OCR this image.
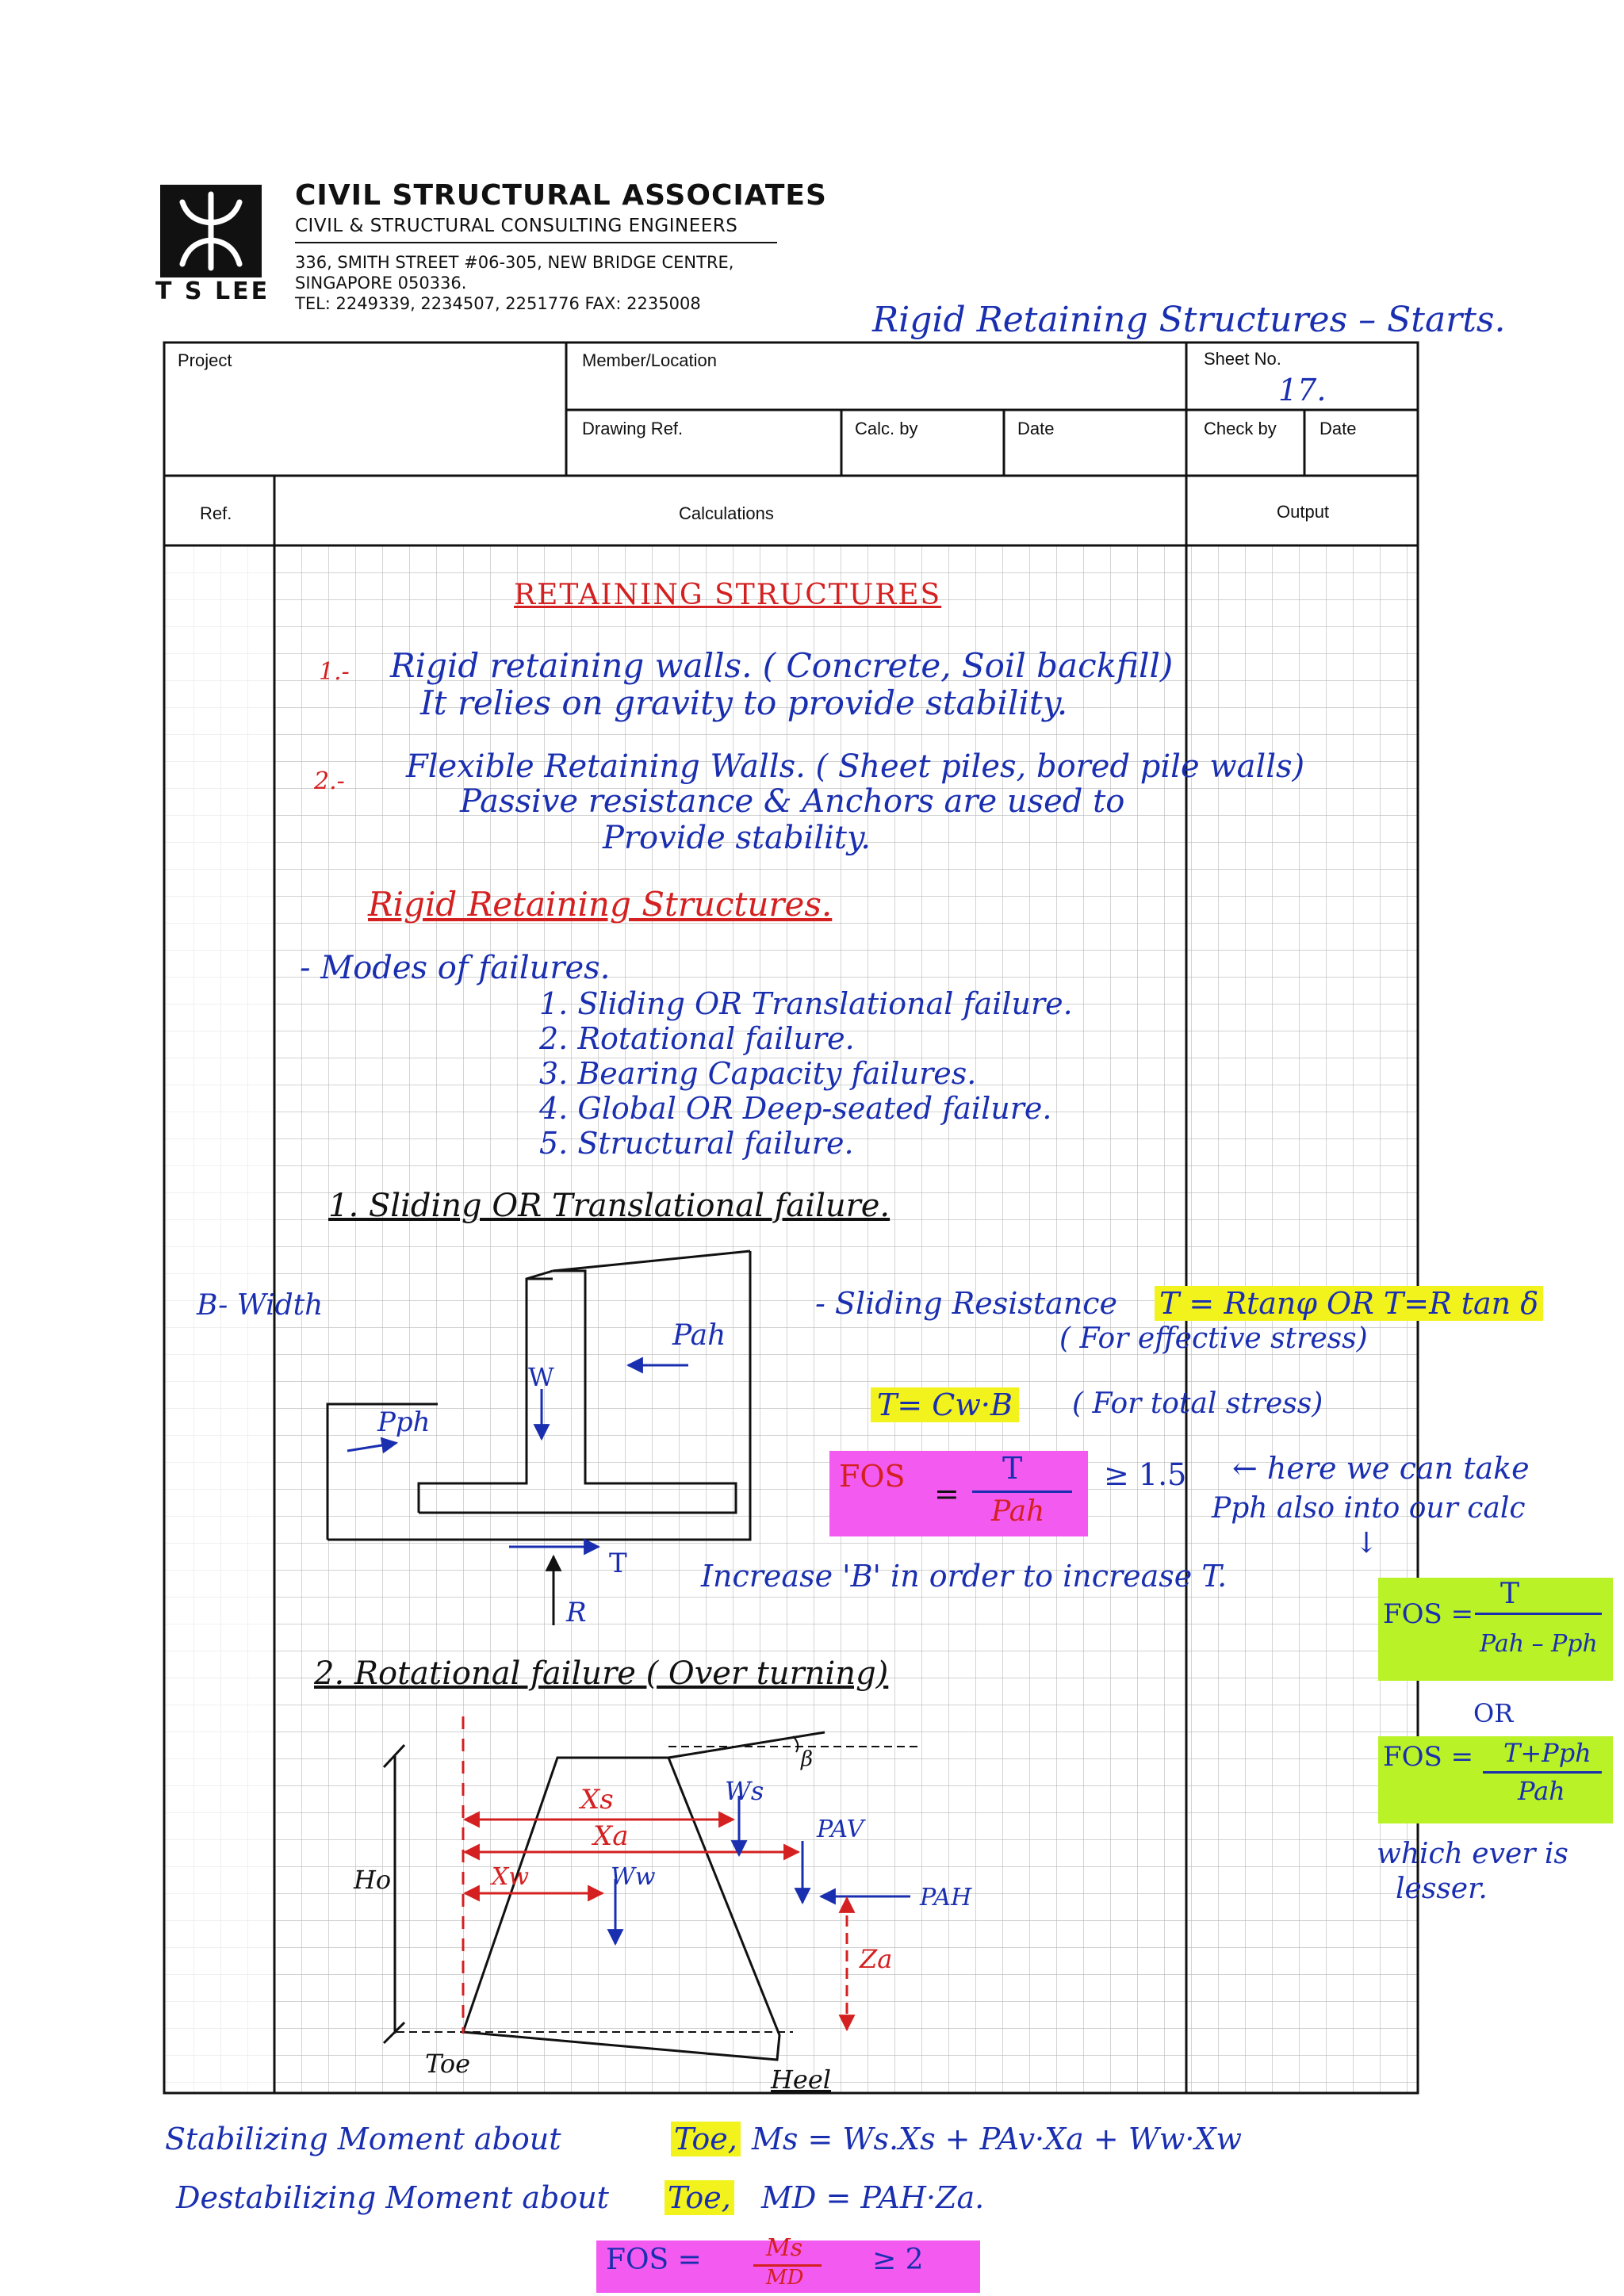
T S LEE
CIVIL STRUCTURAL ASSOCIATES
CIVIL & STRUCTURAL CONSULTING ENGINEERS
336, SMITH STREET #06-305, NEW BRIDGE CENTRE,
SINGAPORE 050336.
TEL: 2249339, 2234507, 2251776 FAX: 2235008	Rigid Retaining Structures – Starts.
Project	Member/Location	Sheet No.
17.
Drawing Ref.	Calc. by	Date	Check by Date
Ref.	Calculations	Output
RETAINING STRUCTURES
1.- Rigid retaining walls. ( Concrete, Soil backfill)
It relies on gravity to provide stability.
2.- Flexible Retaining Walls. ( Sheet piles, bored pile walls)
Passive resistance & Anchors are used to
Provide stability.
Rigid Retaining Structures.
- Modes of failures.
1. Sliding OR Translational failure.
2. Rotational failure.
3. Bearing Capacity failures.
4. Global OR Deep-seated failure.
5. Structural failure.
1. Sliding OR Translational failure.
B- Width
Pah
W
Pph
T
R
- Sliding Resistance T = Rtanφ OR T=R tan δ
( For effective stress)
T= Cw·B ( For total stress)
FOS =
T
Pah
≥ 1.5 ← here we can take
Pph also into our calc
↓
Increase 'B' in order to increase T.
FOS =
T
Pah – Pph
OR
FOS = T+Pph
Pah
which ever is
lesser.
2. Rotational failure ( Over turning)
β
Xs	Ws
Xa	PAV
Xw	Ww
PAH
Ho
Za
Toe
Heel
Stabilizing Moment about	Toe, Ms = Ws.Xs + PAv·Xa + Ww·Xw
Destabilizing Moment about Toe, MD = PAH·Za.
FOS =	Ms
MD
≥ 2
